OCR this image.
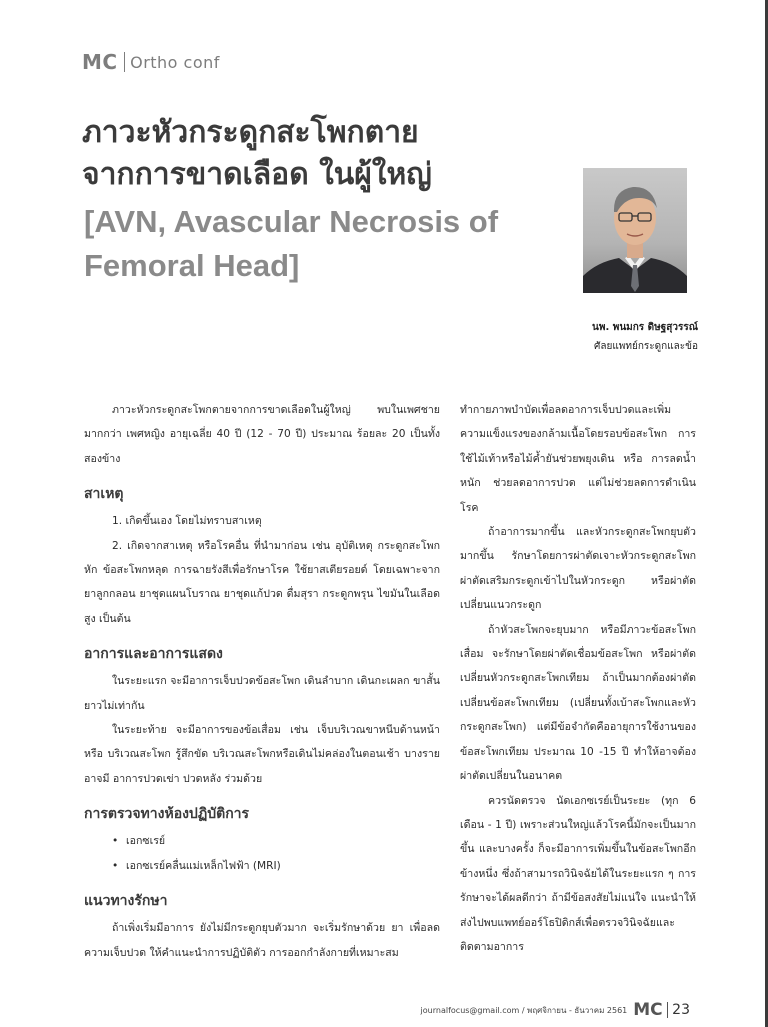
MC Ortho conf
ภาวะหัวกระดูกสะโพกตาย
จากการขาดเลือด ในผู้ใหญ่
[AVN, Avascular Necrosis of
Femoral Head]
นพ. พนมกร ดิษฐสุวรรณ์
ศัลยแพทย์กระดูกและข้อ

ภาวะหัวกระดูกสะโพกตายจากการขาดเลือดในผู้ใหญ่ พบในเพศชายมากกว่า เพศหญิง อายุเฉลี่ย 40 ปี (12 - 70 ปี) ประมาณ ร้อยละ 20 เป็นทั้งสองข้าง

สาเหตุ

1. เกิดขึ้นเอง โดยไม่ทราบสาเหตุ

2. เกิดจากสาเหตุ หรือโรคอื่น ที่นำมาก่อน เช่น อุบัติเหตุ กระดูกสะโพกหัก ข้อสะโพกหลุด การฉายรังสีเพื่อรักษาโรค ใช้ยาสเตียรอยด์ โดยเฉพาะจากยาลูกกลอน ยาชุดแผนโบราณ ยาชุดแก้ปวด ดื่มสุรา กระดูกพรุน ไขมันในเลือดสูง เป็นต้น

อาการและอาการแสดง

ในระยะแรก จะมีอาการเจ็บปวดข้อสะโพก เดินลำบาก เดินกะเผลก ขาสั้นยาวไม่เท่ากัน

ในระยะท้าย จะมีอาการของข้อเสื่อม เช่น เจ็บบริเวณขาหนีบด้านหน้าหรือ บริเวณสะโพก รู้สึกขัด บริเวณสะโพกหรือเดินไม่คล่องในตอนเช้า บางรายอาจมี อาการปวดเข่า ปวดหลัง ร่วมด้วย

การตรวจทางห้องปฏิบัติการ
• เอกซเรย์
• เอกซเรย์คลื่นแม่เหล็กไฟฟ้า (MRI)
แนวทางรักษา

ถ้าเพิ่งเริ่มมีอาการ ยังไม่มีกระดูกยุบตัวมาก จะเริ่มรักษาด้วย ยา เพื่อลด ความเจ็บปวด ให้คำแนะนำการปฏิบัติตัว การออกกำลังกายที่เหมาะสม

ทำกายภาพบำบัดเพื่อลดอาการเจ็บปวดและเพิ่มความแข็งแรงของกล้ามเนื้อโดยรอบข้อสะโพก การใช้ไม้เท้าหรือไม้ค้ำยันช่วยพยุงเดิน หรือ การลดน้ำหนัก ช่วยลดอาการปวด แต่ไม่ช่วยลดการดำเนินโรค

ถ้าอาการมากขึ้น และหัวกระดูกสะโพกยุบตัวมากขึ้น รักษาโดยการผ่าตัดเจาะหัวกระดูกสะโพก ผ่าตัดเสริมกระดูกเข้าไปในหัวกระดูก หรือผ่าตัดเปลี่ยนแนวกระดูก

ถ้าหัวสะโพกจะยุบมาก หรือมีภาวะข้อสะโพกเสื่อม จะรักษาโดยผ่าตัดเชื่อมข้อสะโพก หรือผ่าตัดเปลี่ยนหัวกระดูกสะโพกเทียม ถ้าเป็นมากต้องผ่าตัดเปลี่ยนข้อสะโพกเทียม (เปลี่ยนทั้งเบ้าสะโพกและหัวกระดูกสะโพก) แต่มีข้อจำกัดคืออายุการใช้งานของข้อสะโพกเทียม ประมาณ 10 -15 ปี ทำให้อาจต้องผ่าตัดเปลี่ยนในอนาคต

ควรนัดตรวจ นัดเอกซเรย์เป็นระยะ (ทุก 6 เดือน - 1 ปี) เพราะส่วนใหญ่แล้วโรคนี้มักจะเป็นมากขึ้น และบางครั้ง ก็จะมีอาการเพิ่มขึ้นในข้อสะโพกอีกข้างหนึ่ง ซึ่งถ้าสามารถวินิจฉัยได้ในระยะแรก ๆ การรักษาจะได้ผลดีกว่า ถ้ามีข้อสงสัยไม่แน่ใจ แนะนำให้ส่งไปพบแพทย์ออร์โธปิดิกส์เพื่อตรวจวินิจฉัยและติดตามอาการ

journalfocus@gmail.com / พฤศจิกายน - ธันวาคม 2561 MC 23
